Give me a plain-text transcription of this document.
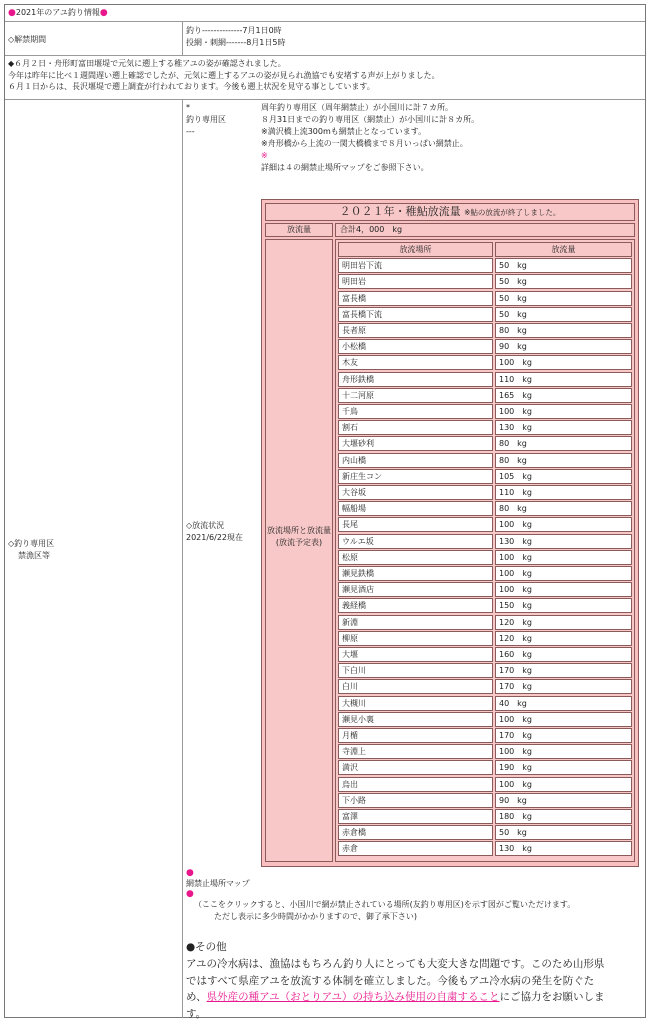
●2021年のアユ釣り情報●
◇解禁期間
釣り--------------7月1日0時
投網・刺網-------8月1日5時
◆６月２日・舟形町富田堰堤で元気に遡上する稚アユの姿が確認されました。
今年は昨年に比べ１週間遅い遡上確認でしたが、元気に遡上するアユの姿が見られ漁協でも安堵する声が上がりました。
６月１日からは、長沢堰堤で遡上調査が行われております。今後も遡上状況を見守る事としています。
◇釣り専用区
禁漁区等
*
釣り専用区
---
周年釣り専用区（周年網禁止）が小国川に計７カ所。
８月31日までの釣り専用区（網禁止）が小国川に計８カ所。
※満沢橋上流300mも網禁止となっています。
※舟形橋から上流の一関大橋橋まで８月いっぱい網禁止。
※
詳細は４の網禁止場所マップをご参照下さい。
◇放流状況
2021/6/22現在
２０２１年・稚鮎放流量 ※鮎の放流が終了しました。
放流量	合計4，000　kg
放流場所と放流量
(放流予定表)
放流場所	放流量
明田岩下流	50　kg
明田岩	50　kg
富長橋	50　kg
富長橋下流	50　kg
長者原	80　kg
小松橋	90　kg
木友	100　kg
舟形鉄橋	110　kg
十二河原	165　kg
千鳥	100　kg
割石	130　kg
大堰砂利	80　kg
内山橋	80　kg
新庄生コン	105　kg
大谷坂	110　kg
幅船場	80　kg
長尾	100　kg
ウルエ坂	130　kg
松原	100　kg
瀬見鉄橋	100　kg
瀬見酒店	100　kg
義経橋	150　kg
新淵	120　kg
柳原	120　kg
大堰	160　kg
下白川	170　kg
白川	170　kg
大槻川	40　kg
瀬見小裏	100　kg
月楯	170　kg
寺淵上	100　kg
満沢	190　kg
烏出	100　kg
下小路	90　kg
富澤	180　kg
赤倉橋	50　kg
赤倉	130　kg
●
網禁止場所マップ
●
（ここをクリックすると、小国川で網が禁止されている場所(友釣り専用区)を示す図がご覧いただけます。
ただし表示に多少時間がかかりますので、御了承下さい)
●その他
アユの冷水病は、漁協はもちろん釣り人にとっても大変大きな問題です。このため山形県
ではすべて県産アユを放流する体制を確立しました。今後もアユ冷水病の発生を防ぐた
め、県外産の種アユ（おとりアユ）の持ち込み使用の自粛することにご協力をお願いしま
す。
